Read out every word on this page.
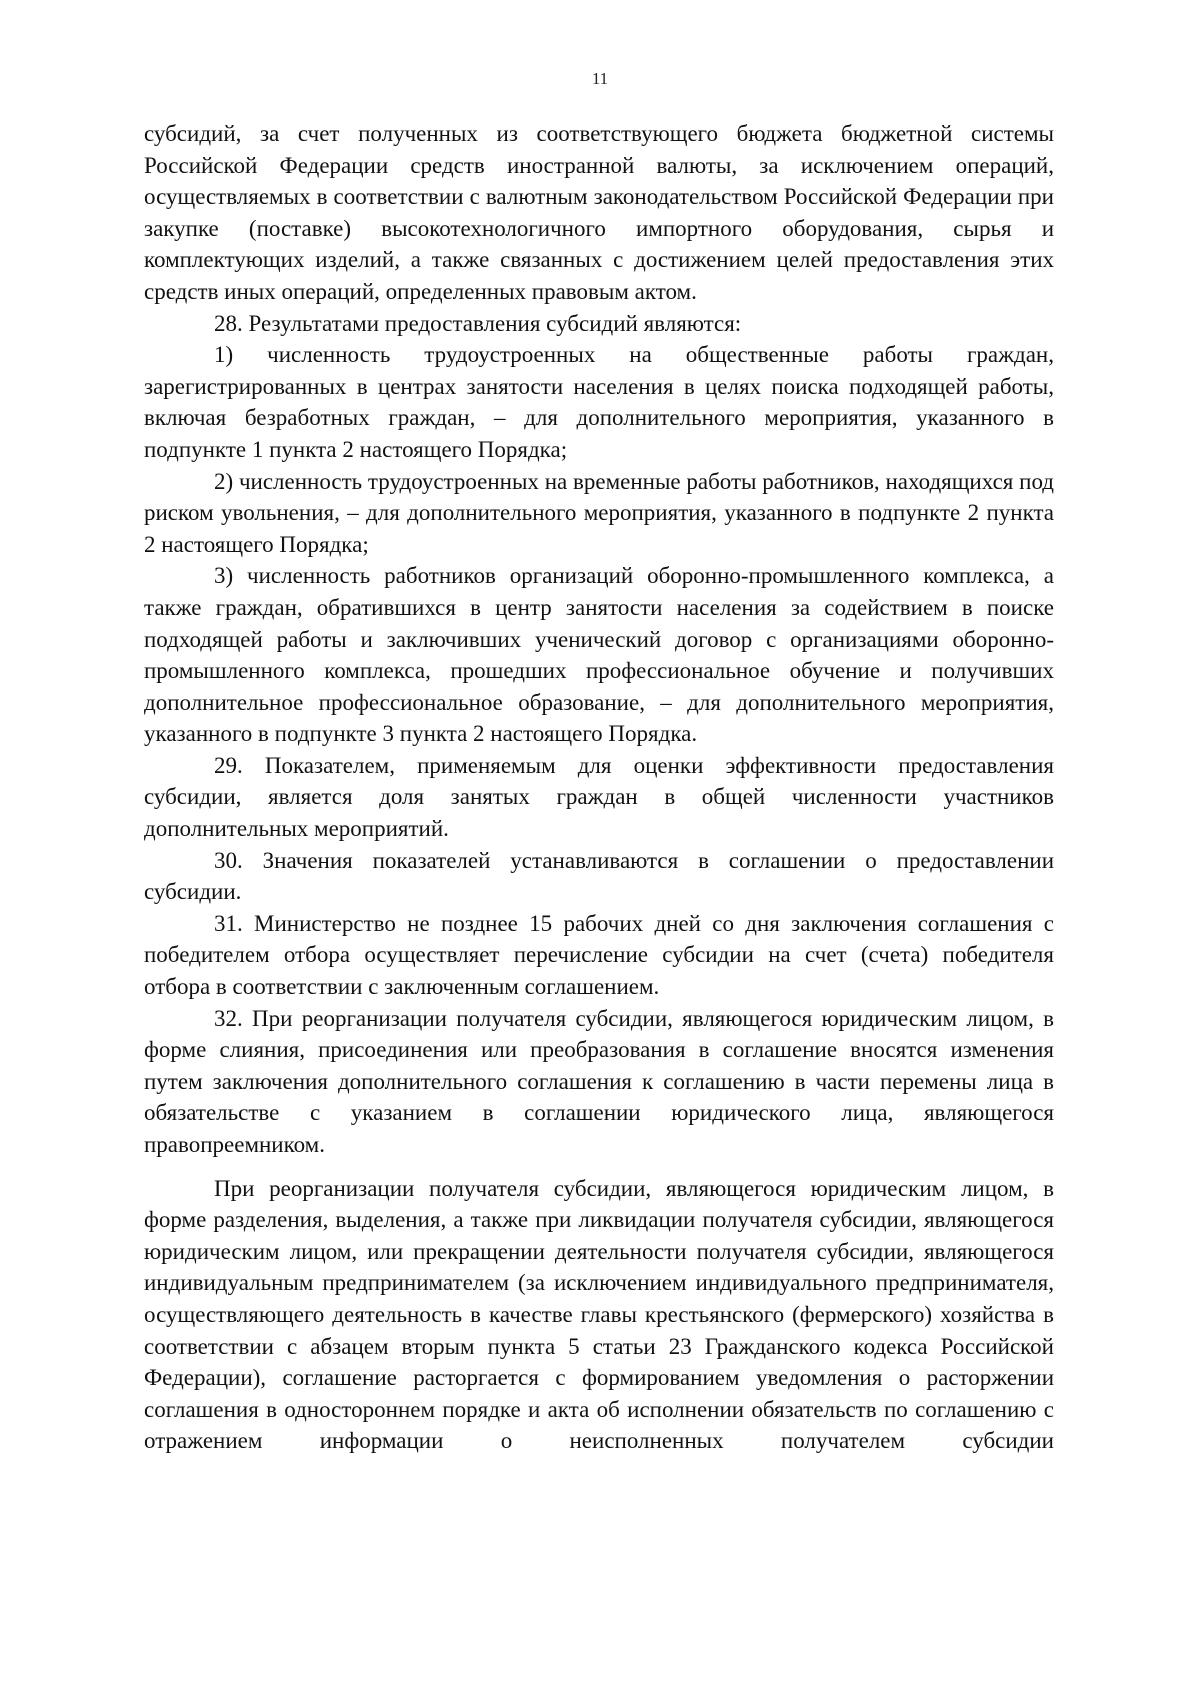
11

субсидий, за счет полученных из соответствующего бюджета бюджетной системы Российской Федерации средств иностранной валюты, за исключением операций, осуществляемых в соответствии с валютным законодательством Российской Федерации при закупке (поставке) высокотехнологичного импортного оборудования, сырья и комплектующих изделий, а также связанных с достижением целей предоставления этих средств иных операций, определенных правовым актом.

28. Результатами предоставления субсидий являются:

1) численность трудоустроенных на общественные работы граждан, зарегистрированных в центрах занятости населения в целях поиска подходящей работы, включая безработных граждан, – для дополнительного мероприятия, указанного в подпункте 1 пункта 2 настоящего Порядка;

2) численность трудоустроенных на временные работы работников, находящихся под риском увольнения, – для дополнительного мероприятия, указанного в подпункте 2 пункта 2 настоящего Порядка;

3) численность работников организаций оборонно-промышленного комплекса, а также граждан, обратившихся в центр занятости населения за содействием в поиске подходящей работы и заключивших ученический договор с организациями оборонно-промышленного комплекса, прошедших профессиональное обучение и получивших дополнительное профессиональное образование, – для дополнительного мероприятия, указанного в подпункте 3 пункта 2 настоящего Порядка.

29. Показателем, применяемым для оценки эффективности предоставления субсидии, является доля занятых граждан в общей численности участников дополнительных мероприятий.

30. Значения показателей устанавливаются в соглашении о предоставлении субсидии.

31. Министерство не позднее 15 рабочих дней со дня заключения соглашения с победителем отбора осуществляет перечисление субсидии на счет (счета) победителя отбора в соответствии с заключенным соглашением.

32. При реорганизации получателя субсидии, являющегося юридическим лицом, в форме слияния, присоединения или преобразования в соглашение вносятся изменения путем заключения дополнительного соглашения к соглашению в части перемены лица в обязательстве с указанием в соглашении юридического лица, являющегося правопреемником.

При реорганизации получателя субсидии, являющегося юридическим лицом, в форме разделения, выделения, а также при ликвидации получателя субсидии, являющегося юридическим лицом, или прекращении деятельности получателя субсидии, являющегося индивидуальным предпринимателем (за исключением индивидуального предпринимателя, осуществляющего деятельность в качестве главы крестьянского (фермерского) хозяйства в соответствии с абзацем вторым пункта 5 статьи 23 Гражданского кодекса Российской Федерации), соглашение расторгается с формированием уведомления о расторжении соглашения в одностороннем порядке и акта об исполнении обязательств по соглашению с отражением информации о неисполненных получателем субсидии
